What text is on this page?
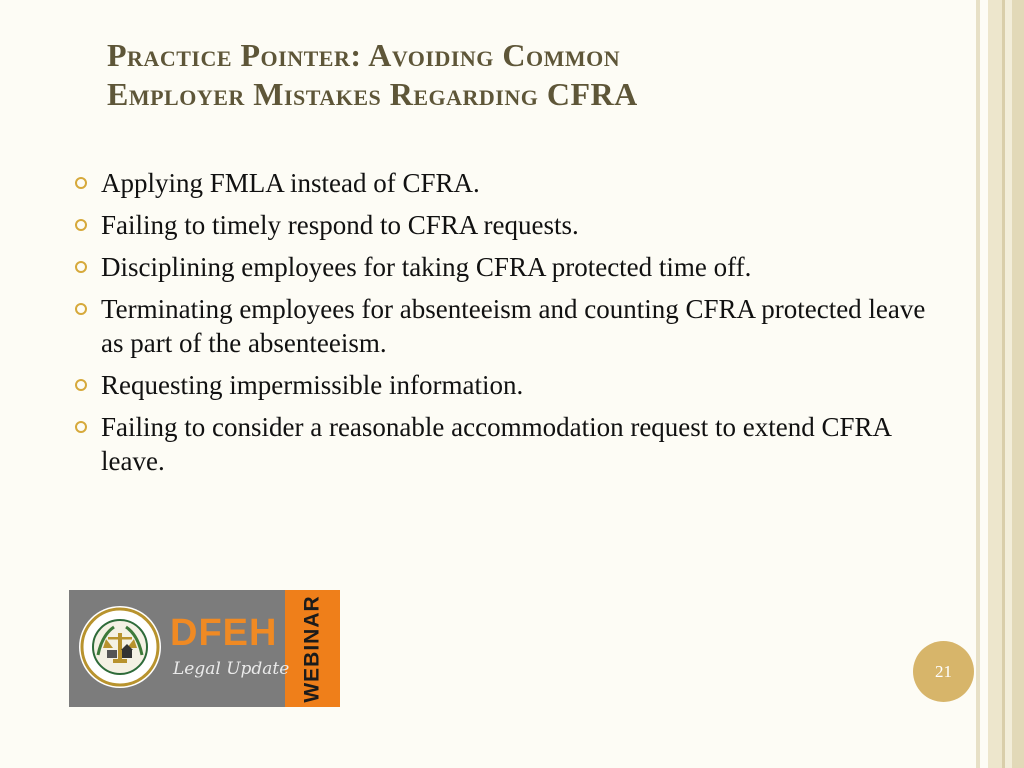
Practice Pointer: Avoiding Common
Employer Mistakes Regarding CFRA
Applying FMLA instead of CFRA.
Failing to timely respond to CFRA requests.
Disciplining employees for taking CFRA protected time off.
Terminating employees for absenteeism and counting CFRA protected leave as part of the absenteeism.
Requesting impermissible information.
Failing to consider a reasonable accommodation request to extend CFRA leave.
DFEH
Legal Update WEBINAR	21
